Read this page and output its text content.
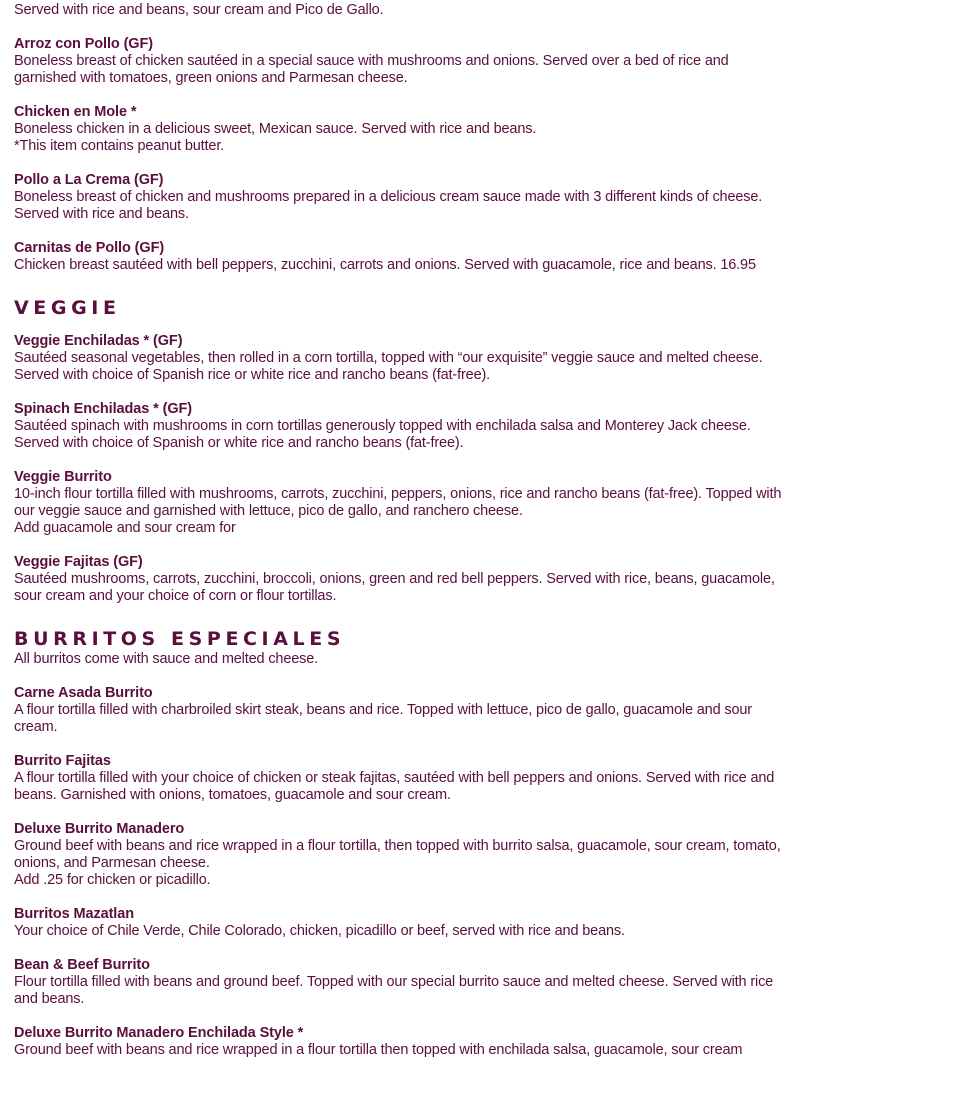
Served with rice and beans, sour cream and Pico de Gallo.
Arroz con Pollo (GF)
Boneless breast of chicken sautéed in a special sauce with mushrooms and onions. Served over a bed of rice and garnished with tomatoes, green onions and Parmesan cheese.
Chicken en Mole *
Boneless chicken in a delicious sweet, Mexican sauce. Served with rice and beans.
*This item contains peanut butter.
Pollo a La Crema (GF)
Boneless breast of chicken and mushrooms prepared in a delicious cream sauce made with 3 different kinds of cheese. Served with rice and beans.
Carnitas de Pollo (GF)
Chicken breast sautéed with bell peppers, zucchini, carrots and onions. Served with guacamole, rice and beans. 16.95
VEGGIE
Veggie Enchiladas * (GF)
Sautéed seasonal vegetables, then rolled in a corn tortilla, topped with “our exquisite” veggie sauce and melted cheese.
Served with choice of Spanish rice or white rice and rancho beans (fat-free).
Spinach Enchiladas * (GF)
Sautéed spinach with mushrooms in corn tortillas generously topped with enchilada salsa and Monterey Jack cheese. Served with choice of Spanish or white rice and rancho beans (fat-free).
Veggie Burrito
10-inch flour tortilla filled with mushrooms, carrots, zucchini, peppers, onions, rice and rancho beans (fat-free). Topped with our veggie sauce and garnished with lettuce, pico de gallo, and ranchero cheese.
Add guacamole and sour cream for
Veggie Fajitas (GF)
Sautéed mushrooms, carrots, zucchini, broccoli, onions, green and red bell peppers. Served with rice, beans, guacamole, sour cream and your choice of corn or flour tortillas.
BURRITOS ESPECIALES
All burritos come with sauce and melted cheese.
Carne Asada Burrito
A flour tortilla filled with charbroiled skirt steak, beans and rice. Topped with lettuce, pico de gallo, guacamole and sour cream.
Burrito Fajitas
A flour tortilla filled with your choice of chicken or steak fajitas, sautéed with bell peppers and onions. Served with rice and beans. Garnished with onions, tomatoes, guacamole and sour cream.
Deluxe Burrito Manadero
Ground beef with beans and rice wrapped in a flour tortilla, then topped with burrito salsa, guacamole, sour cream, tomato, onions, and Parmesan cheese.
Add .25 for chicken or picadillo.
Burritos Mazatlan
Your choice of Chile Verde, Chile Colorado, chicken, picadillo or beef, served with rice and beans.
Bean & Beef Burrito
Flour tortilla filled with beans and ground beef. Topped with our special burrito sauce and melted cheese. Served with rice and beans.
Deluxe Burrito Manadero Enchilada Style *
Ground beef with beans and rice wrapped in a flour tortilla then topped with enchilada salsa, guacamole, sour cream
